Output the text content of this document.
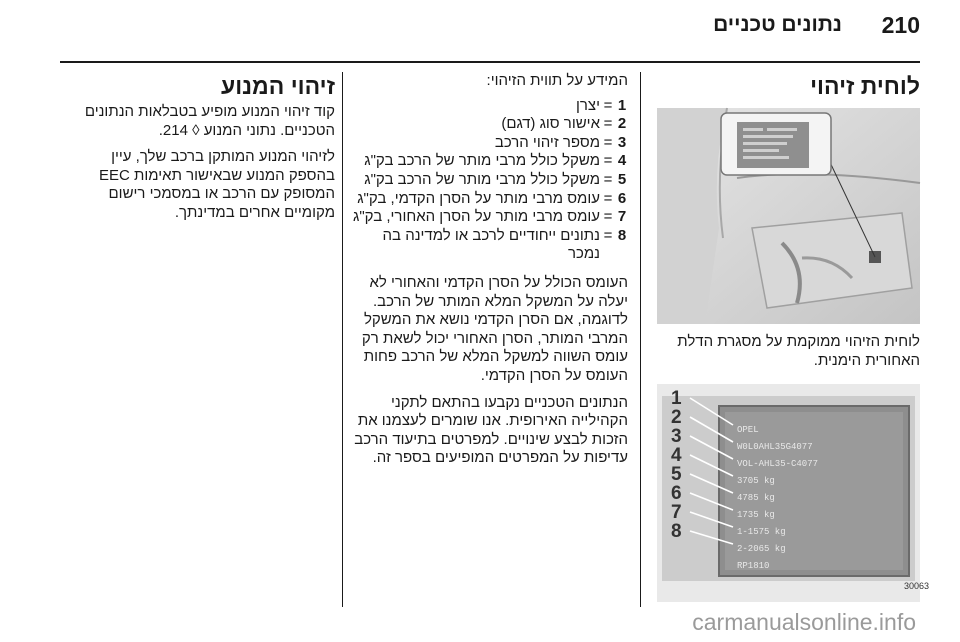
נתונים טכניים 210
לוחית זיהוי

לוחית הזיהוי ממוקמת על מסגרת הדלת האחורית הימנית.

OPEL
W0L0AHL35G4077
VOL-AHL35-C4077
3705 kg
4785 kg
1735 kg
1-1575 kg
2-2065 kg
RP1810
1
2
3
4
5
6
7
8
30063

המידע על תווית הזיהוי:

1
=
יצרן
2
=
אישור סוג (דגם)
3
=
מספר זיהוי הרכב
4
=
משקל כולל מרבי מותר של הרכב בק"ג
5
=
משקל כולל מרבי מותר של הרכב בק"ג
6
=
עומס מרבי מותר על הסרן הקדמי, בק"ג
7
=
עומס מרבי מותר על הסרן האחורי, בק"ג
8
=
נתונים ייחודיים לרכב או למדינה בה נמכר

העומס הכולל על הסרן הקדמי והאחורי לא יעלה על המשקל המלא המותר של הרכב. לדוגמה, אם הסרן הקדמי נושא את המשקל המרבי המותר, הסרן האחורי יכול לשאת רק עומס השווה למשקל המלא של הרכב פחות העומס על הסרן הקדמי.

הנתונים הטכניים נקבעו בהתאם לתקני הקהילייה האירופית. אנו שומרים לעצמנו את הזכות לבצע שינויים. למפרטים בתיעוד הרכב עדיפות על המפרטים המופיעים בספר זה.

זיהוי המנוע

קוד זיהוי המנוע מופיע בטבלאות הנתונים הטכניים. נתוני המנוע ◊ 214.

לזיהוי המנוע המותקן ברכב שלך, עיין בהספק המנוע שבאישור תאימות EEC המסופק עם הרכב או במסמכי רישום מקומיים אחרים במדינתך.

carmanualsonline.info
